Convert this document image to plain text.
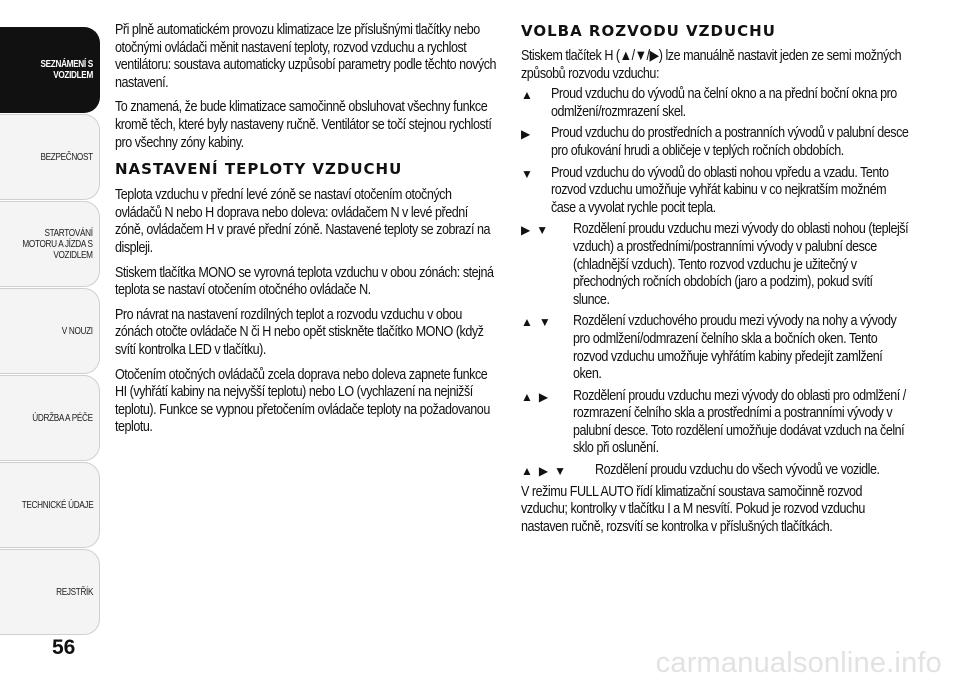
SEZNÁMENÍ S
VOZIDLEM
BEZPEČNOST
STARTOVÁNÍ
MOTORU A JÍZDA S
VOZIDLEM
V NOUZI
ÚDRŽBA A PÉČE
TECHNICKÉ ÚDAJE
REJSTŘÍK
56
Při plně automatickém provozu klimatizace lze příslušnými tlačítky nebo otočnými ovládači měnit nastavení teploty, rozvod vzduchu a rychlost ventilátoru: soustava automaticky uzpůsobí parametry podle těchto nových nastavení.
To znamená, že bude klimatizace samočinně obsluhovat všechny funkce kromě těch, které byly nastaveny ručně. Ventilátor se točí stejnou rychlostí pro všechny zóny kabiny.
NASTAVENÍ TEPLOTY VZDUCHU
Teplota vzduchu v přední levé zóně se nastaví otočením otočných ovládačů N nebo H doprava nebo doleva: ovládačem N v levé přední zóně, ovládačem H v pravé přední zóně. Nastavené teploty se zobrazí na displeji.
Stiskem tlačítka MONO se vyrovná teplota vzduchu v obou zónách: stejná teplota se nastaví otočením otočného ovládače N.
Pro návrat na nastavení rozdílných teplot a rozvodu vzduchu v obou zónách otočte ovládače N či H nebo opět stiskněte tlačítko MONO (když svítí kontrolka LED v tlačítku).
Otočením otočných ovládačů zcela doprava nebo doleva zapnete funkce HI (vyhřátí kabiny na nejvyšší teplotu) nebo LO (vychlazení na nejnižší teplotu). Funkce se vypnou přetočením ovládače teploty na požadovanou teplotu.
VOLBA ROZVODU VZDUCHU
Stiskem tlačítek H (▲/▼/▶) lze manuálně nastavit jeden ze semi možných způsobů rozvodu vzduchu:
▲	Proud vzduchu do vývodů na čelní okno a na přední boční okna pro odmlžení/rozmrazení skel.
▶	Proud vzduchu do prostředních a postranních vývodů v palubní desce pro ofukování hrudi a obličeje v teplých ročních obdobích.
▼	Proud vzduchu do vývodů do oblasti nohou vpředu a vzadu. Tento rozvod vzduchu umožňuje vyhřát kabinu v co nejkratším možném čase a vyvolat rychle pocit tepla.
▶ ▼	Rozdělení proudu vzduchu mezi vývody do oblasti nohou (teplejší vzduch) a prostředními/postranními vývody v palubní desce (chladnější vzduch). Tento rozvod vzduchu je užitečný v přechodných ročních obdobích (jaro a podzim), pokud svítí slunce.
▲ ▼	Rozdělení vzduchového proudu mezi vývody na nohy a vývody pro odmlžení/odmrazení čelního skla a bočních oken. Tento rozvod vzduchu umožňuje vyhřátím kabiny předejít zamlžení oken.
▲ ▶	Rozdělení proudu vzduchu mezi vývody do oblasti pro odmlžení / rozmrazení čelního skla a prostředními a postranními vývody v palubní desce. Toto rozdělení umožňuje dodávat vzduch na čelní sklo při oslunění.
▲ ▶ ▼	Rozdělení proudu vzduchu do všech vývodů ve vozidle.
V režimu FULL AUTO řídí klimatizační soustava samočinně rozvod vzduchu; kontrolky v tlačítku I a M nesvítí. Pokud je rozvod vzduchu nastaven ručně, rozsvítí se kontrolka v příslušných tlačítkách.
carmanualsonline.info
